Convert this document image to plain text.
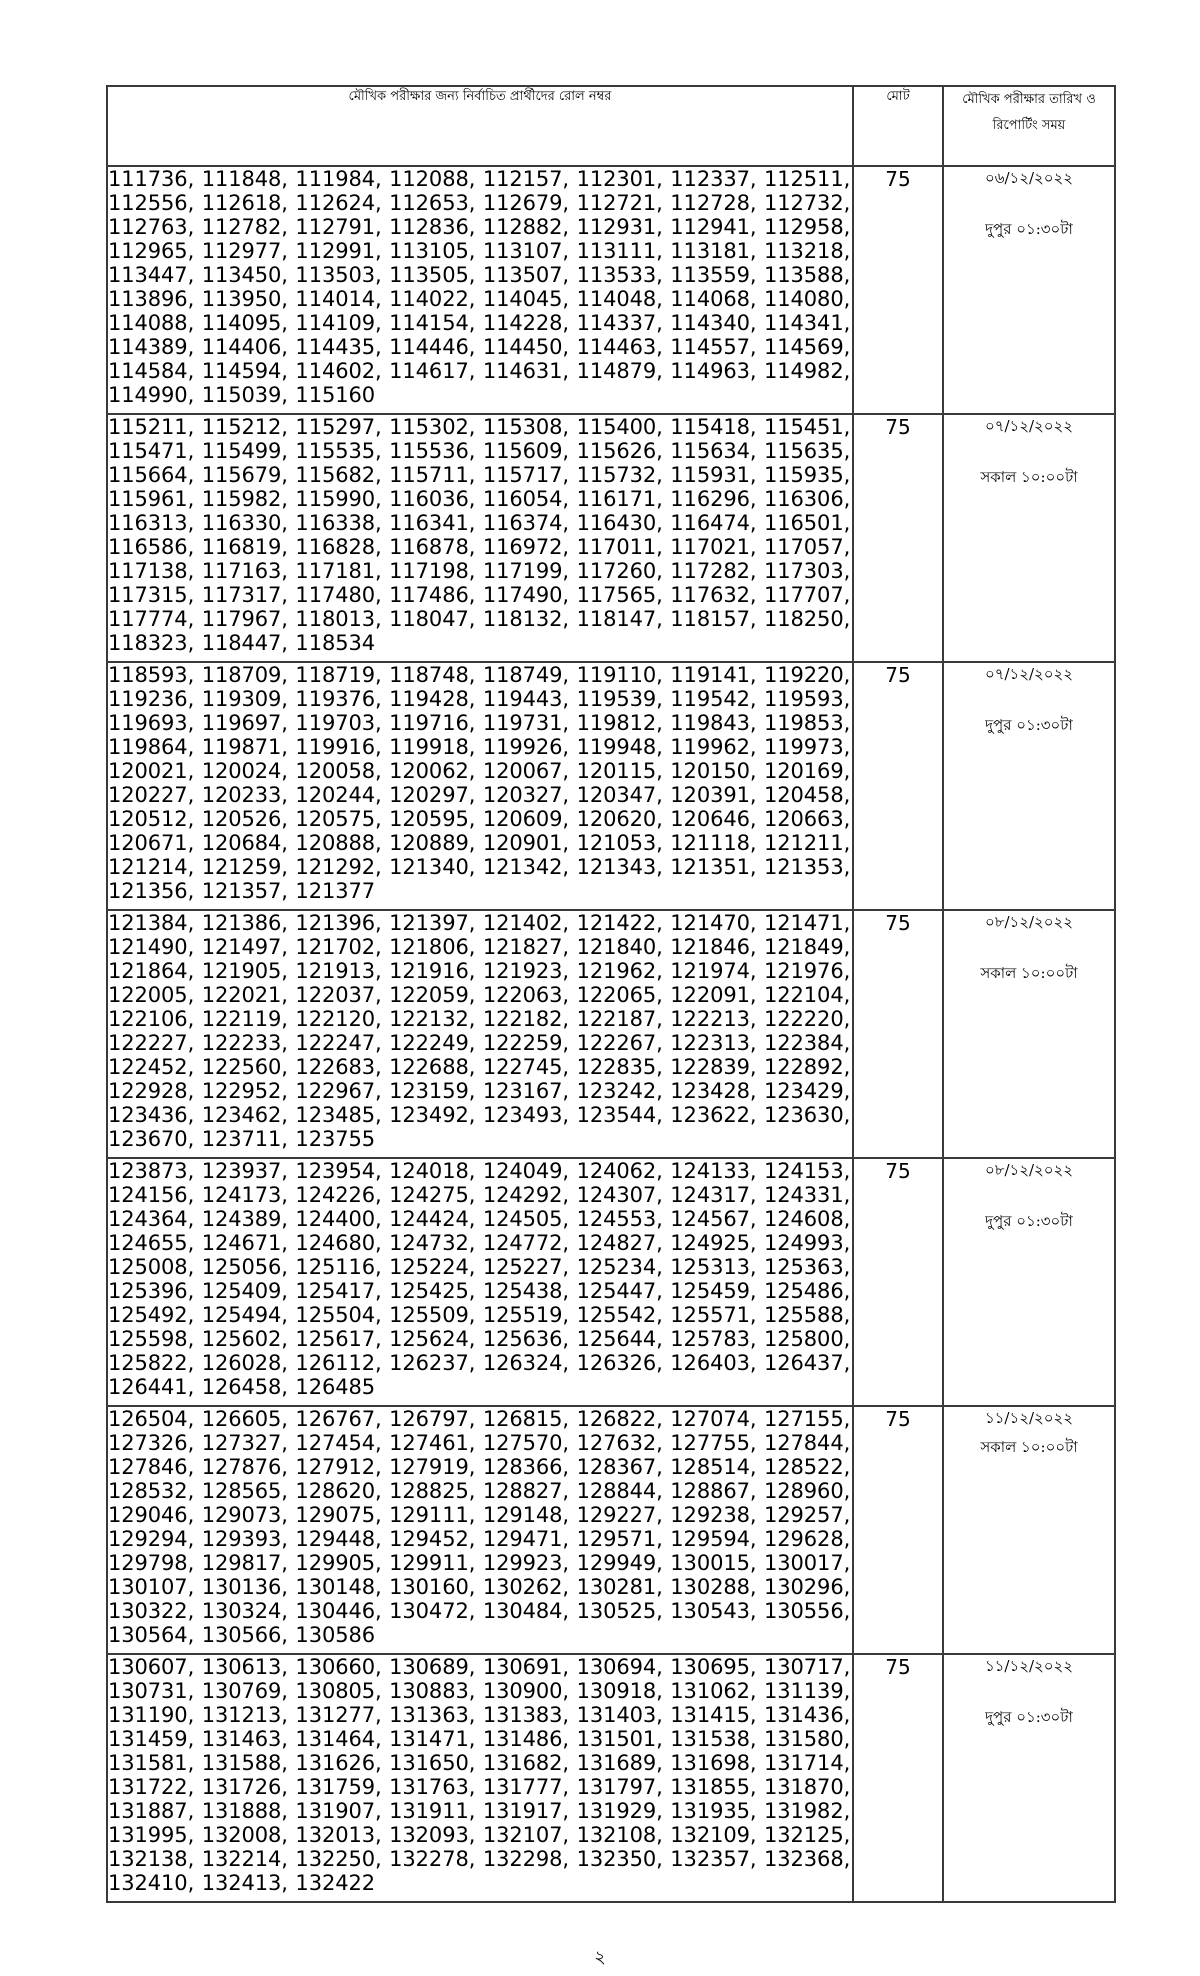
মৌখিক পরীক্ষার জন্য নির্বাচিত প্রার্থীদের রোল নম্বর	মোট	মৌখিক পরীক্ষার তারিখ ও রিপোর্টিং সময়
111736, 111848, 111984, 112088, 112157, 112301, 112337, 112511, 112556, 112618, 112624, 112653, 112679, 112721, 112728, 112732, 112763, 112782, 112791, 112836, 112882, 112931, 112941, 112958, 112965, 112977, 112991, 113105, 113107, 113111, 113181, 113218, 113447, 113450, 113503, 113505, 113507, 113533, 113559, 113588, 113896, 113950, 114014, 114022, 114045, 114048, 114068, 114080, 114088, 114095, 114109, 114154, 114228, 114337, 114340, 114341, 114389, 114406, 114435, 114446, 114450, 114463, 114557, 114569, 114584, 114594, 114602, 114617, 114631, 114879, 114963, 114982, 114990, 115039, 115160	75	০৬/১২/২০২২
দুপুর ০১:৩০টা

115211, 115212, 115297, 115302, 115308, 115400, 115418, 115451, 115471, 115499, 115535, 115536, 115609, 115626, 115634, 115635, 115664, 115679, 115682, 115711, 115717, 115732, 115931, 115935, 115961, 115982, 115990, 116036, 116054, 116171, 116296, 116306, 116313, 116330, 116338, 116341, 116374, 116430, 116474, 116501, 116586, 116819, 116828, 116878, 116972, 117011, 117021, 117057, 117138, 117163, 117181, 117198, 117199, 117260, 117282, 117303, 117315, 117317, 117480, 117486, 117490, 117565, 117632, 117707, 117774, 117967, 118013, 118047, 118132, 118147, 118157, 118250, 118323, 118447, 118534	75	০৭/১২/২০২২
সকাল ১০:০০টা

118593, 118709, 118719, 118748, 118749, 119110, 119141, 119220, 119236, 119309, 119376, 119428, 119443, 119539, 119542, 119593, 119693, 119697, 119703, 119716, 119731, 119812, 119843, 119853, 119864, 119871, 119916, 119918, 119926, 119948, 119962, 119973, 120021, 120024, 120058, 120062, 120067, 120115, 120150, 120169, 120227, 120233, 120244, 120297, 120327, 120347, 120391, 120458, 120512, 120526, 120575, 120595, 120609, 120620, 120646, 120663, 120671, 120684, 120888, 120889, 120901, 121053, 121118, 121211, 121214, 121259, 121292, 121340, 121342, 121343, 121351, 121353, 121356, 121357, 121377	75	০৭/১২/২০২২
দুপুর ০১:৩০টা

121384, 121386, 121396, 121397, 121402, 121422, 121470, 121471, 121490, 121497, 121702, 121806, 121827, 121840, 121846, 121849, 121864, 121905, 121913, 121916, 121923, 121962, 121974, 121976, 122005, 122021, 122037, 122059, 122063, 122065, 122091, 122104, 122106, 122119, 122120, 122132, 122182, 122187, 122213, 122220, 122227, 122233, 122247, 122249, 122259, 122267, 122313, 122384, 122452, 122560, 122683, 122688, 122745, 122835, 122839, 122892, 122928, 122952, 122967, 123159, 123167, 123242, 123428, 123429, 123436, 123462, 123485, 123492, 123493, 123544, 123622, 123630, 123670, 123711, 123755	75	০৮/১২/২০২২
সকাল ১০:০০টা

123873, 123937, 123954, 124018, 124049, 124062, 124133, 124153, 124156, 124173, 124226, 124275, 124292, 124307, 124317, 124331, 124364, 124389, 124400, 124424, 124505, 124553, 124567, 124608, 124655, 124671, 124680, 124732, 124772, 124827, 124925, 124993, 125008, 125056, 125116, 125224, 125227, 125234, 125313, 125363, 125396, 125409, 125417, 125425, 125438, 125447, 125459, 125486, 125492, 125494, 125504, 125509, 125519, 125542, 125571, 125588, 125598, 125602, 125617, 125624, 125636, 125644, 125783, 125800, 125822, 126028, 126112, 126237, 126324, 126326, 126403, 126437, 126441, 126458, 126485	75	০৮/১২/২০২২
দুপুর ০১:৩০টা

126504, 126605, 126767, 126797, 126815, 126822, 127074, 127155, 127326, 127327, 127454, 127461, 127570, 127632, 127755, 127844, 127846, 127876, 127912, 127919, 128366, 128367, 128514, 128522, 128532, 128565, 128620, 128825, 128827, 128844, 128867, 128960, 129046, 129073, 129075, 129111, 129148, 129227, 129238, 129257, 129294, 129393, 129448, 129452, 129471, 129571, 129594, 129628, 129798, 129817, 129905, 129911, 129923, 129949, 130015, 130017, 130107, 130136, 130148, 130160, 130262, 130281, 130288, 130296, 130322, 130324, 130446, 130472, 130484, 130525, 130543, 130556, 130564, 130566, 130586	75	১১/১২/২০২২
সকাল ১০:০০টা

130607, 130613, 130660, 130689, 130691, 130694, 130695, 130717, 130731, 130769, 130805, 130883, 130900, 130918, 131062, 131139, 131190, 131213, 131277, 131363, 131383, 131403, 131415, 131436, 131459, 131463, 131464, 131471, 131486, 131501, 131538, 131580, 131581, 131588, 131626, 131650, 131682, 131689, 131698, 131714, 131722, 131726, 131759, 131763, 131777, 131797, 131855, 131870, 131887, 131888, 131907, 131911, 131917, 131929, 131935, 131982, 131995, 132008, 132013, 132093, 132107, 132108, 132109, 132125, 132138, 132214, 132250, 132278, 132298, 132350, 132357, 132368, 132410, 132413, 132422	75	১১/১২/২০২২
দুপুর ০১:৩০টা
২
